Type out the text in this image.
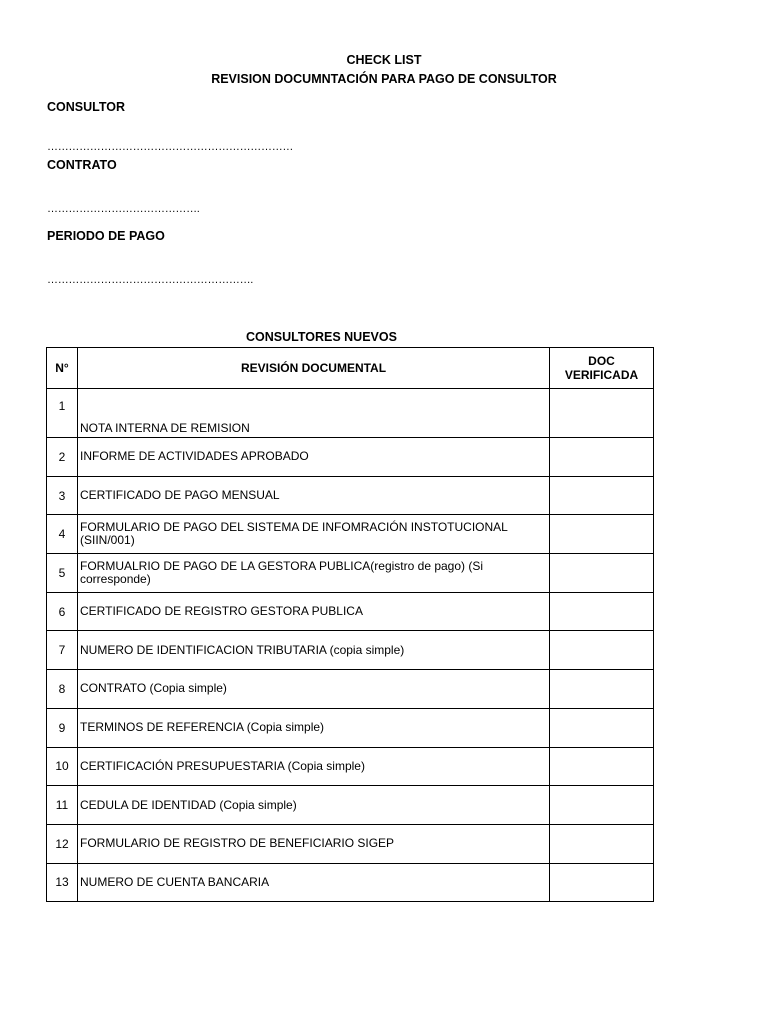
CHECK LIST
REVISION DOCUMNTACIÓN PARA PAGO DE CONSULTOR
CONSULTOR
……………………………………………………………
CONTRATO
…………………………………….
PERIODO DE PAGO
………………………………………………….
CONSULTORES NUEVOS
N°	REVISIÓN DOCUMENTAL	DOC VERIFICADA
1	NOTA INTERNA DE REMISION	
2	INFORME DE ACTIVIDADES APROBADO	
3	CERTIFICADO DE PAGO MENSUAL	
4	FORMULARIO DE PAGO DEL SISTEMA DE INFOMRACIÓN INSTOTUCIONAL (SIIN/001)	
5	FORMUALRIO DE PAGO DE LA GESTORA PUBLICA(registro de pago) (Si corresponde)	
6	CERTIFICADO DE REGISTRO GESTORA PUBLICA	
7	NUMERO DE IDENTIFICACION TRIBUTARIA (copia simple)	
8	CONTRATO (Copia simple)	
9	TERMINOS DE REFERENCIA (Copia simple)	
10	CERTIFICACIÓN PRESUPUESTARIA (Copia simple)	
11	CEDULA DE IDENTIDAD (Copia simple)	
12	FORMULARIO DE REGISTRO DE BENEFICIARIO SIGEP	
13	NUMERO DE CUENTA BANCARIA	
